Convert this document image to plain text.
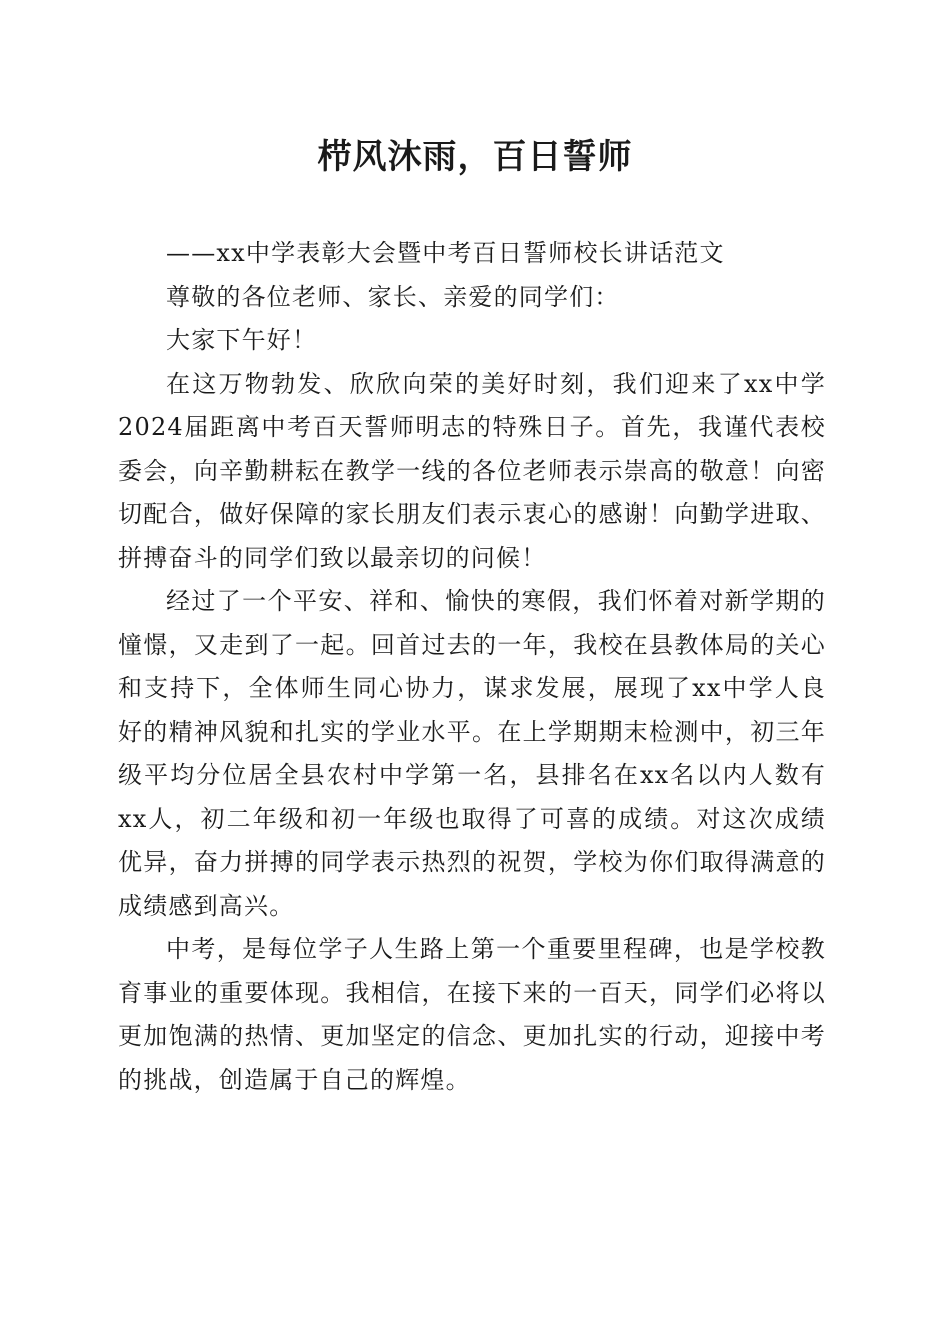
栉风沐雨，百日誓师

——xx中学表彰大会暨中考百日誓师校长讲话范文

尊敬的各位老师、家长、亲爱的同学们：

大家下午好！

在这万物勃发、欣欣向荣的美好时刻，我们迎来了xx中学2024届距离中考百天誓师明志的特殊日子。首先，我谨代表校委会，向辛勤耕耘在教学一线的各位老师表示崇高的敬意！向密切配合，做好保障的家长朋友们表示衷心的感谢！向勤学进取、拼搏奋斗的同学们致以最亲切的问候！

经过了一个平安、祥和、愉快的寒假，我们怀着对新学期的憧憬，又走到了一起。回首过去的一年，我校在县教体局的关心和支持下，全体师生同心协力，谋求发展，展现了xx中学人良好的精神风貌和扎实的学业水平。在上学期期末检测中，初三年级平均分位居全县农村中学第一名，县排名在xx名以内人数有xx人，初二年级和初一年级也取得了可喜的成绩。对这次成绩优异，奋力拼搏的同学表示热烈的祝贺，学校为你们取得满意的成绩感到高兴。

中考，是每位学子人生路上第一个重要里程碑，也是学校教育事业的重要体现。我相信，在接下来的一百天，同学们必将以更加饱满的热情、更加坚定的信念、更加扎实的行动，迎接中考的挑战，创造属于自己的辉煌。
